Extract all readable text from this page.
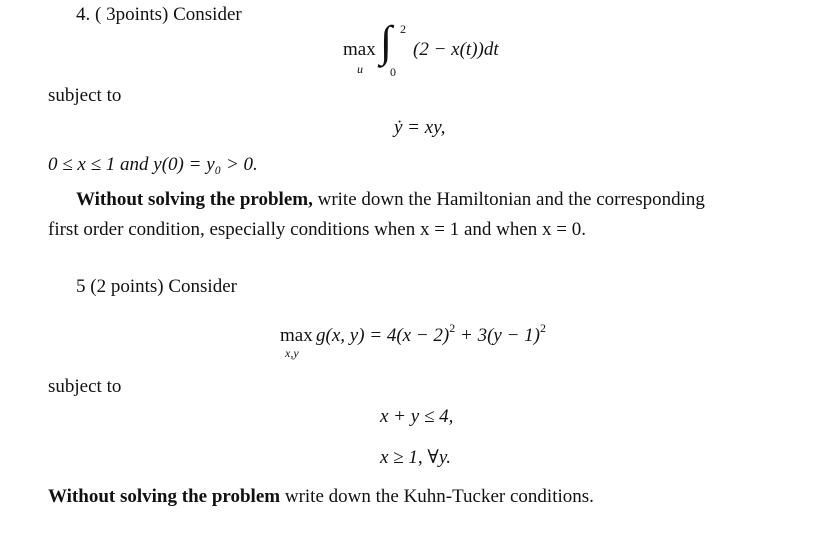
4. ( 3points) Consider
max
u
∫ 2
0
(2 − x(t))dt
subject to
ẏ = xy,
0 ≤ x ≤ 1 and y(0) = y₀ > 0.
Without solving the problem, write down the Hamiltonian and the corresponding
first order condition, especially conditions when x = 1 and when x = 0.
5 (2 points) Consider
max
x,y
g(x, $y) = 4(x - 2)^2 + 3(y - 1)^2$
subject to
x + y ≤ 4,
x ≥ 1, ∀y.
Without solving the problem write down the Kuhn-Tucker conditions.
